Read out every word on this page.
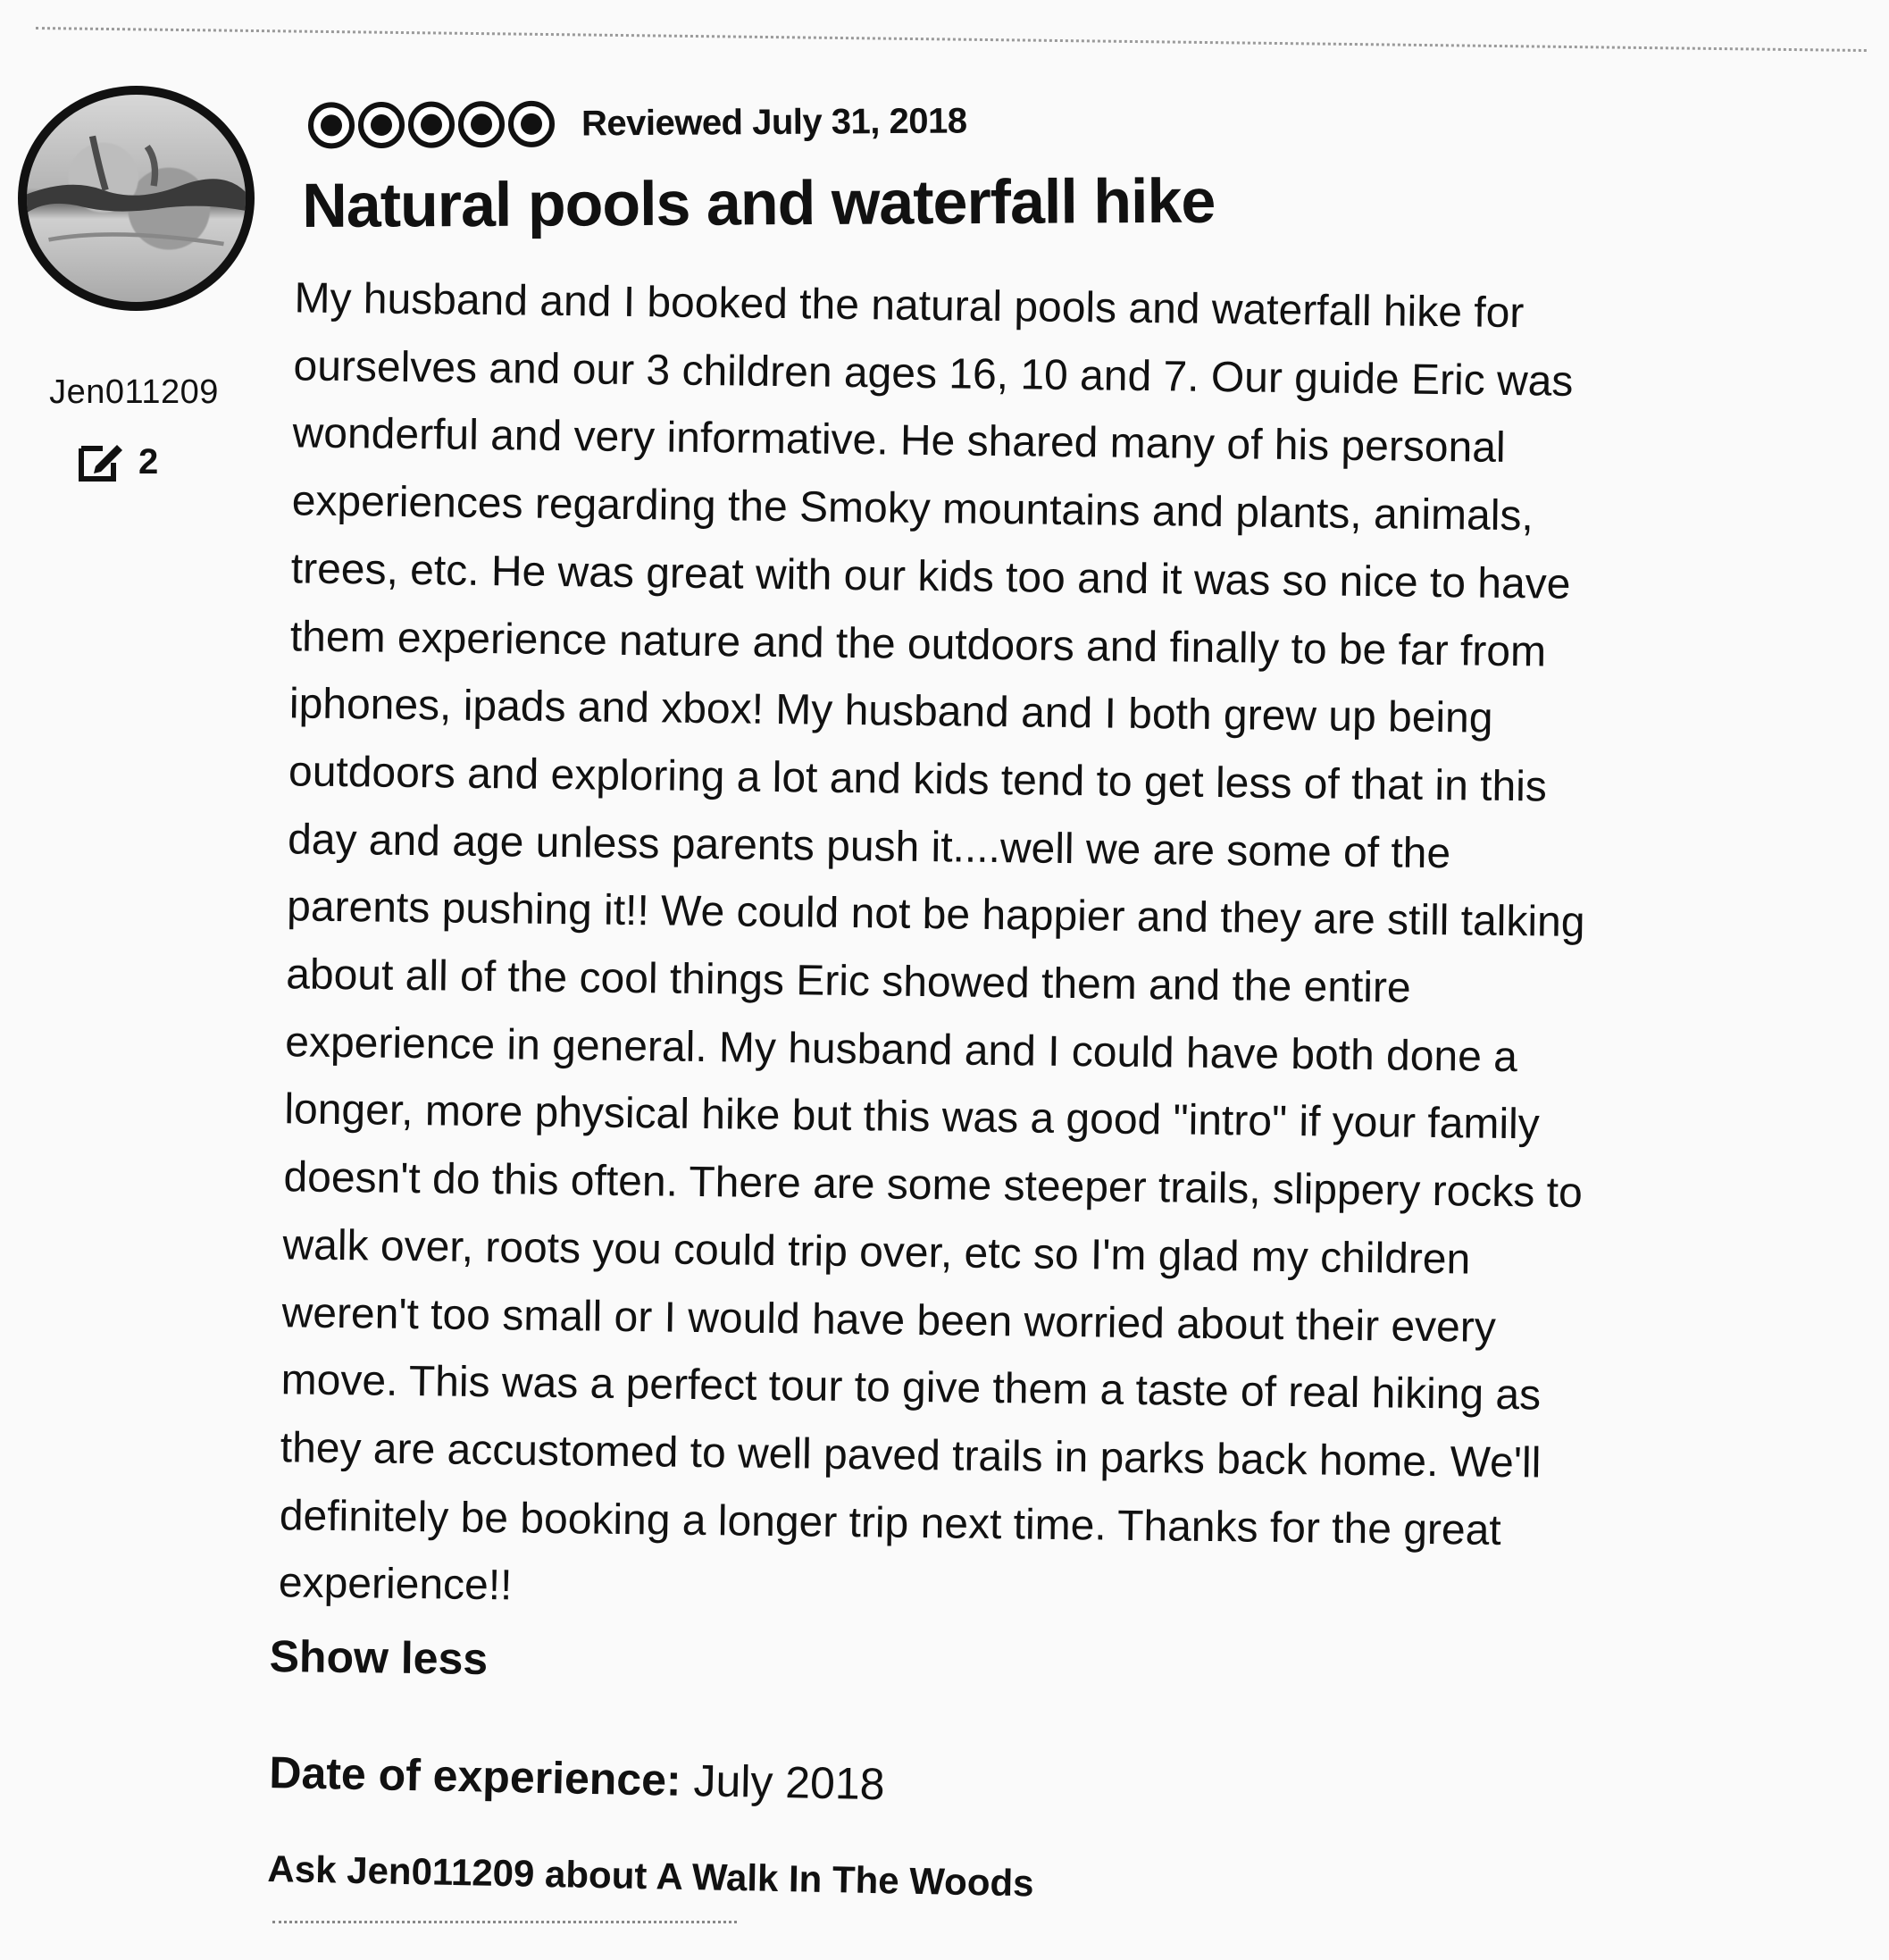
Jen011209
2
Reviewed July 31, 2018
Natural pools and waterfall hike
My husband and I booked the natural pools and waterfall hike for
ourselves and our 3 children ages 16, 10 and 7. Our guide Eric was
wonderful and very informative. He shared many of his personal
experiences regarding the Smoky mountains and plants, animals,
trees, etc. He was great with our kids too and it was so nice to have
them experience nature and the outdoors and finally to be far from
iphones, ipads and xbox! My husband and I both grew up being
outdoors and exploring a lot and kids tend to get less of that in this
day and age unless parents push it....well we are some of the
parents pushing it!! We could not be happier and they are still talking
about all of the cool things Eric showed them and the entire
experience in general. My husband and I could have both done a
longer, more physical hike but this was a good "intro" if your family
doesn't do this often. There are some steeper trails, slippery rocks to
walk over, roots you could trip over, etc so I'm glad my children
weren't too small or I would have been worried about their every
move. This was a perfect tour to give them a taste of real hiking as
they are accustomed to well paved trails in parks back home. We'll
definitely be booking a longer trip next time. Thanks for the great
experience!!
Show less
Date of experience: July 2018
Ask Jen011209 about A Walk In The Woods
